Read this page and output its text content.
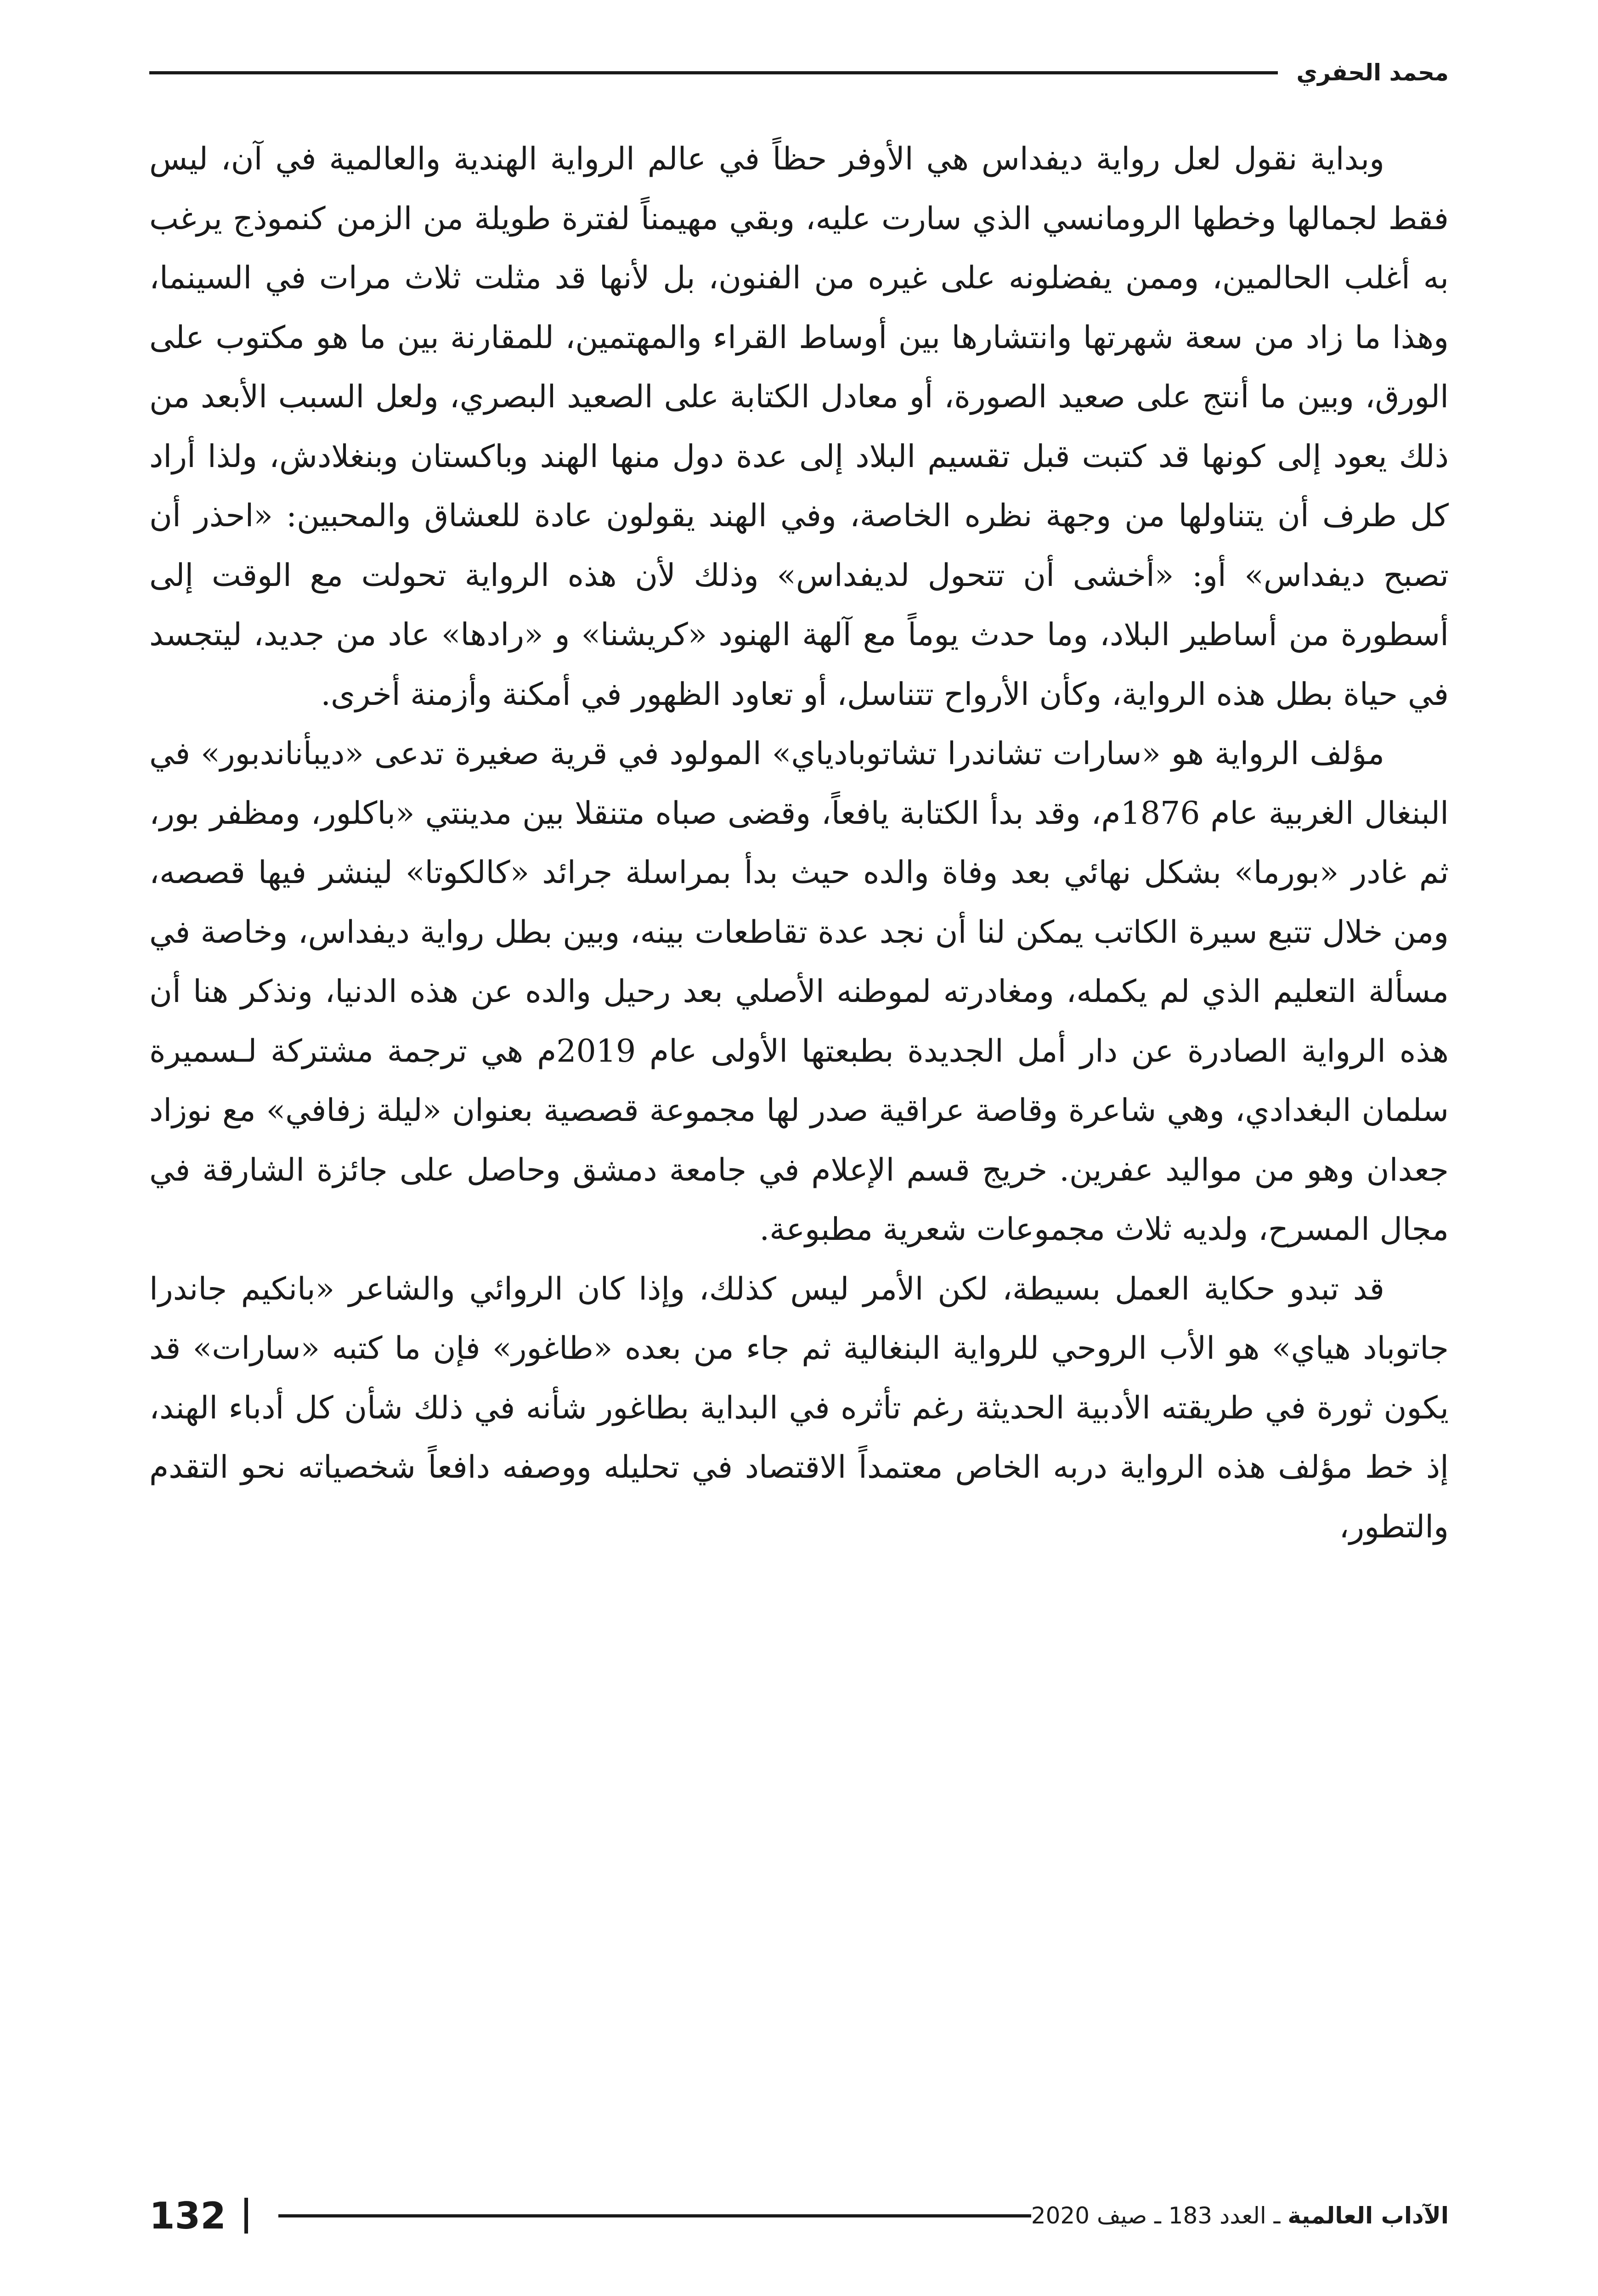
محمد الحفري

وبداية نقول لعل رواية ديفداس هي الأوفر حظاً في عالم الرواية الهندية والعالمية في آن، ليس فقط لجمالها وخطها الرومانسي الذي سارت عليه، وبقي مهيمناً لفترة طويلة من الزمن كنموذج يرغب به أغلب الحالمين، وممن يفضلونه على غيره من الفنون، بل لأنها قد مثلت ثلاث مرات في السينما، وهذا ما زاد من سعة شهرتها وانتشارها بين أوساط القراء والمهتمين، للمقارنة بين ما هو مكتوب على الورق، وبين ما أنتج على صعيد الصورة، أو معادل الكتابة على الصعيد البصري، ولعل السبب الأبعد من ذلك يعود إلى كونها قد كتبت قبل تقسيم البلاد إلى عدة دول منها الهند وباكستان وبنغلادش، ولذا أراد كل طرف أن يتناولها من وجهة نظره الخاصة، وفي الهند يقولون عادة للعشاق والمحبين: «احذر أن تصبح ديفداس» أو: «أخشى أن تتحول لديفداس» وذلك لأن هذه الرواية تحولت مع الوقت إلى أسطورة من أساطير البلاد، وما حدث يوماً مع آلهة الهنود «كريشنا» و «رادها» عاد من جديد، ليتجسد في حياة بطل هذه الرواية، وكأن الأرواح تتناسل، أو تعاود الظهور في أمكنة وأزمنة أخرى.

مؤلف الرواية هو «سارات تشاندرا تشاتوبادياي» المولود في قرية صغيرة تدعى «ديبأناندبور» في البنغال الغربية عام 1876م، وقد بدأ الكتابة يافعاً، وقضى صباه متنقلا بين مدينتي «باكلور، ومظفر بور، ثم غادر «بورما» بشكل نهائي بعد وفاة والده حيث بدأ بمراسلة جرائد «كالكوتا» لينشر فيها قصصه، ومن خلال تتبع سيرة الكاتب يمكن لنا أن نجد عدة تقاطعات بينه، وبين بطل رواية ديفداس، وخاصة في مسألة التعليم الذي لم يكمله، ومغادرته لموطنه الأصلي بعد رحيل والده عن هذه الدنيا، ونذكر هنا أن هذه الرواية الصادرة عن دار أمل الجديدة بطبعتها الأولى عام 2019م هي ترجمة مشتركة لـسميرة سلمان البغدادي، وهي شاعرة وقاصة عراقية صدر لها مجموعة قصصية بعنوان «ليلة زفافي» مع نوزاد جعدان وهو من مواليد عفرين. خريج قسم الإعلام في جامعة دمشق وحاصل على جائزة الشارقة في مجال المسرح، ولديه ثلاث مجموعات شعرية مطبوعة.

قد تبدو حكاية العمل بسيطة، لكن الأمر ليس كذلك، وإذا كان الروائي والشاعر «بانكيم جاندرا جاتوباد هياي» هو الأب الروحي للرواية البنغالية ثم جاء من بعده «طاغور» فإن ما كتبه «سارات» قد يكون ثورة في طريقته الأدبية الحديثة رغم تأثره في البداية بطاغور شأنه في ذلك شأن كل أدباء الهند، إذ خط مؤلف هذه الرواية دربه الخاص معتمداً الاقتصاد في تحليله ووصفه دافعاً شخصياته نحو التقدم والتطور،

الآداب العالمية ـ العدد 183 ـ صيف 2020
132
